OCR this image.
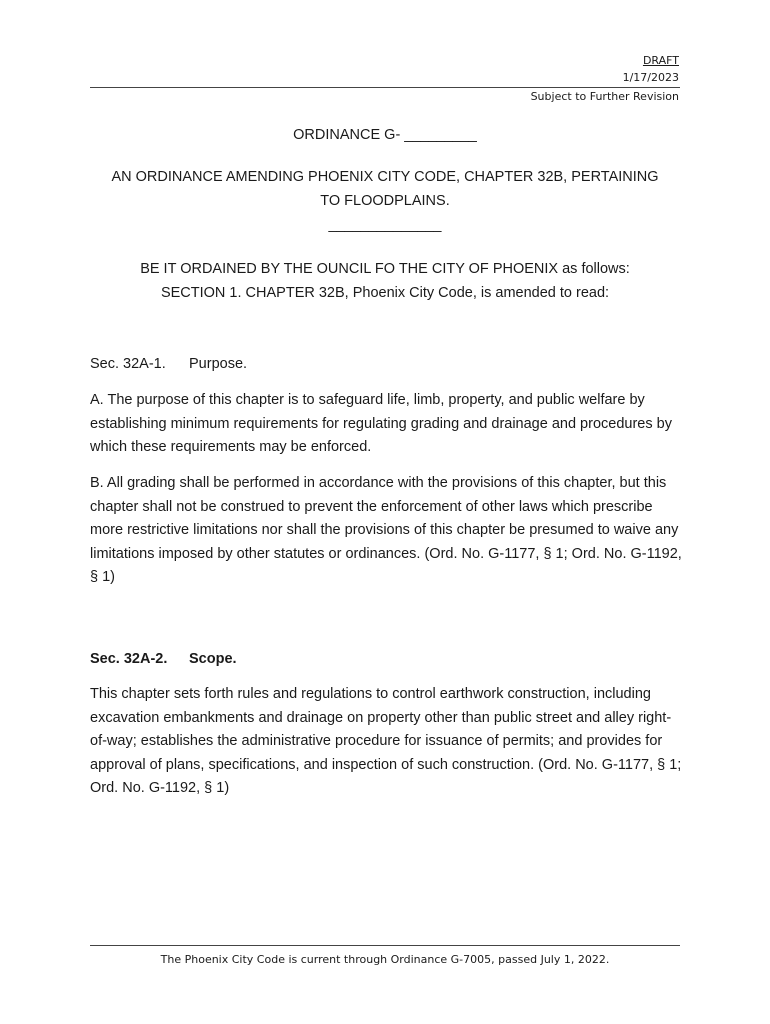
DRAFT
1/17/2023
Subject to Further Revision
ORDINANCE G- _________
AN ORDINANCE AMENDING PHOENIX CITY CODE, CHAPTER 32B, PERTAINING
TO FLOODPLAINS.
______________
BE IT ORDAINED BY THE OUNCIL FO THE CITY OF PHOENIX as follows:
SECTION 1. CHAPTER 32B, Phoenix City Code, is amended to read:
Sec. 32A-1. Purpose.
A. The purpose of this chapter is to safeguard life, limb, property, and public welfare by establishing minimum requirements for regulating grading and drainage and procedures by which these requirements may be enforced.
B. All grading shall be performed in accordance with the provisions of this chapter, but this chapter shall not be construed to prevent the enforcement of other laws which prescribe more restrictive limitations nor shall the provisions of this chapter be presumed to waive any limitations imposed by other statutes or ordinances. (Ord. No. G-1177, § 1; Ord. No. G-1192, § 1)
Sec. 32A-2. Scope.
This chapter sets forth rules and regulations to control earthwork construction, including excavation embankments and drainage on property other than public street and alley right-of-way; establishes the administrative procedure for issuance of permits; and provides for approval of plans, specifications, and inspection of such construction. (Ord. No. G-1177, § 1; Ord. No. G-1192, § 1)
The Phoenix City Code is current through Ordinance G-7005, passed July 1, 2022.
